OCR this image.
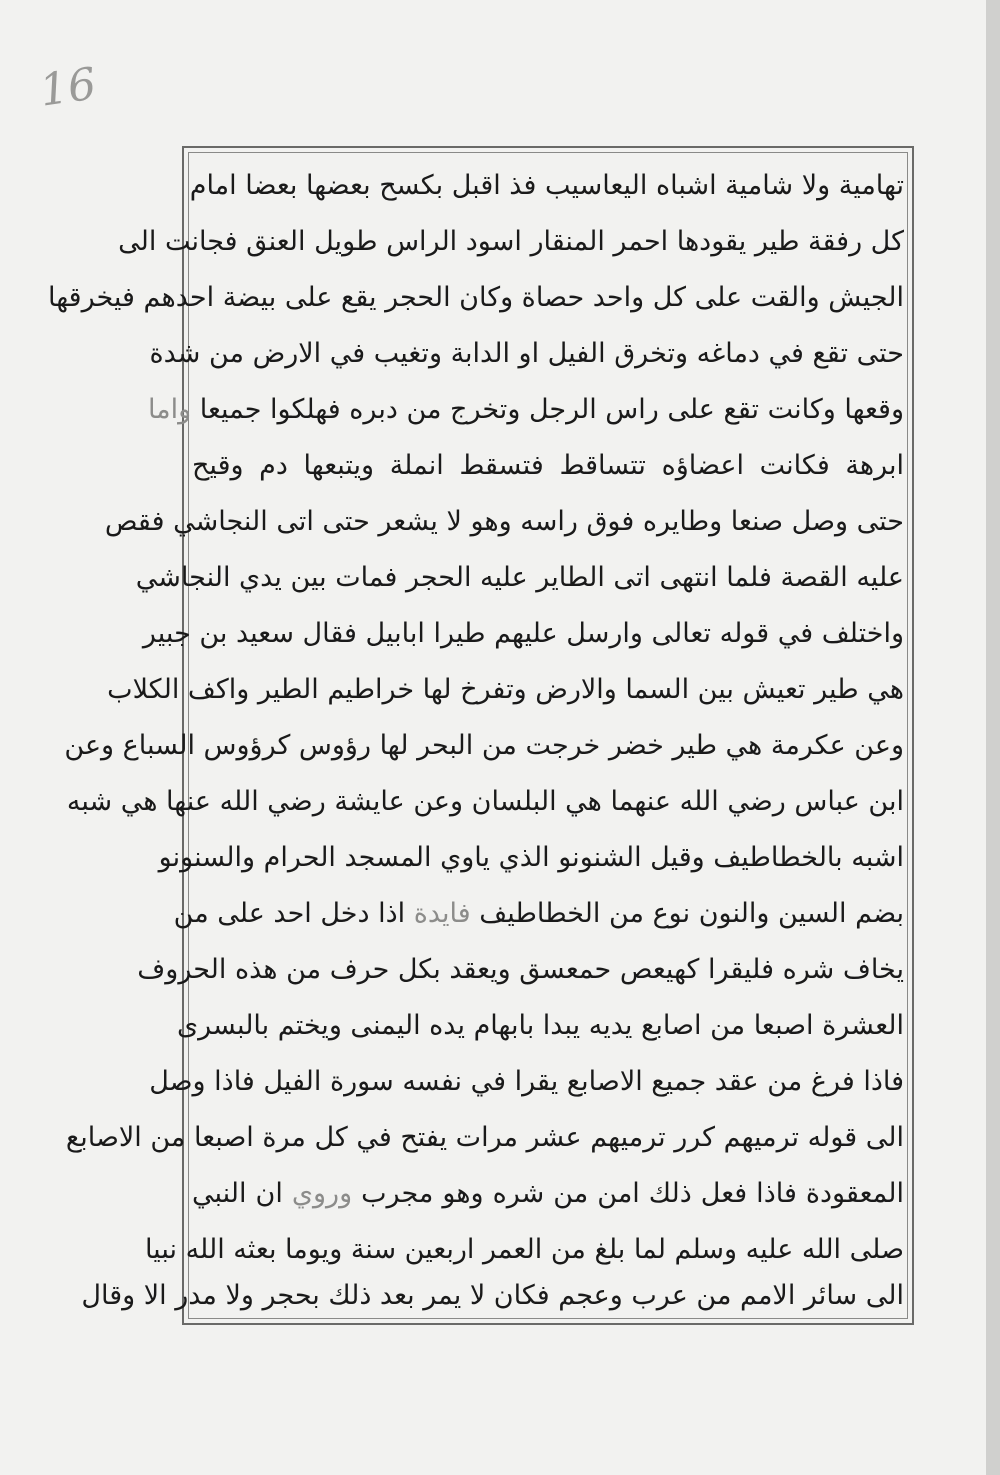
16
تهامية ولا شامية اشباه اليعاسيب فذ اقبل بكسح بعضها بعضا امام
كل رفقة طير يقودها احمر المنقار اسود الراس طويل العنق فجانت الى
الجيش والقت على كل واحد حصاة وكان الحجر يقع على بيضة احدهم فيخرقها
حتى تقع في دماغه وتخرق الفيل او الدابة وتغيب في الارض من شدة
وقعها وكانت تقع على راس الرجل وتخرج من دبره فهلكوا جميعا واما
ابرهة فكانت اعضاؤه تتساقط فتسقط انملة ويتبعها دم وقيح
حتى وصل صنعا وطايره فوق راسه وهو لا يشعر حتى اتى النجاشي فقص
عليه القصة فلما انتهى اتى الطاير عليه الحجر فمات بين يدي النجاشي
واختلف في قوله تعالى وارسل عليهم طيرا ابابيل فقال سعيد بن جبير
هي طير تعيش بين السما والارض وتفرخ لها خراطيم الطير واكف الكلاب
وعن عكرمة هي طير خضر خرجت من البحر لها رؤوس كرؤوس السباع وعن
ابن عباس رضي الله عنهما هي البلسان وعن عايشة رضي الله عنها هي شبه
اشبه بالخطاطيف وقيل الشنونو الذي ياوي المسجد الحرام والسنونو
بضم السين والنون نوع من الخطاطيف فايدة اذا دخل احد على من
يخاف شره فليقرا كهيعص حمعسق ويعقد بكل حرف من هذه الحروف
العشرة اصبعا من اصابع يديه يبدا بابهام يده اليمنى ويختم بالبسرى
فاذا فرغ من عقد جميع الاصابع يقرا في نفسه سورة الفيل فاذا وصل
الى قوله ترميهم كرر ترميهم عشر مرات يفتح في كل مرة اصبعا من الاصابع
المعقودة فاذا فعل ذلك امن من شره وهو مجرب وروي ان النبي
صلى الله عليه وسلم لما بلغ من العمر اربعين سنة ويوما بعثه الله نبيا
الى سائر الامم من عرب وعجم فكان لا يمر بعد ذلك بحجر ولا مدر الا وقال
